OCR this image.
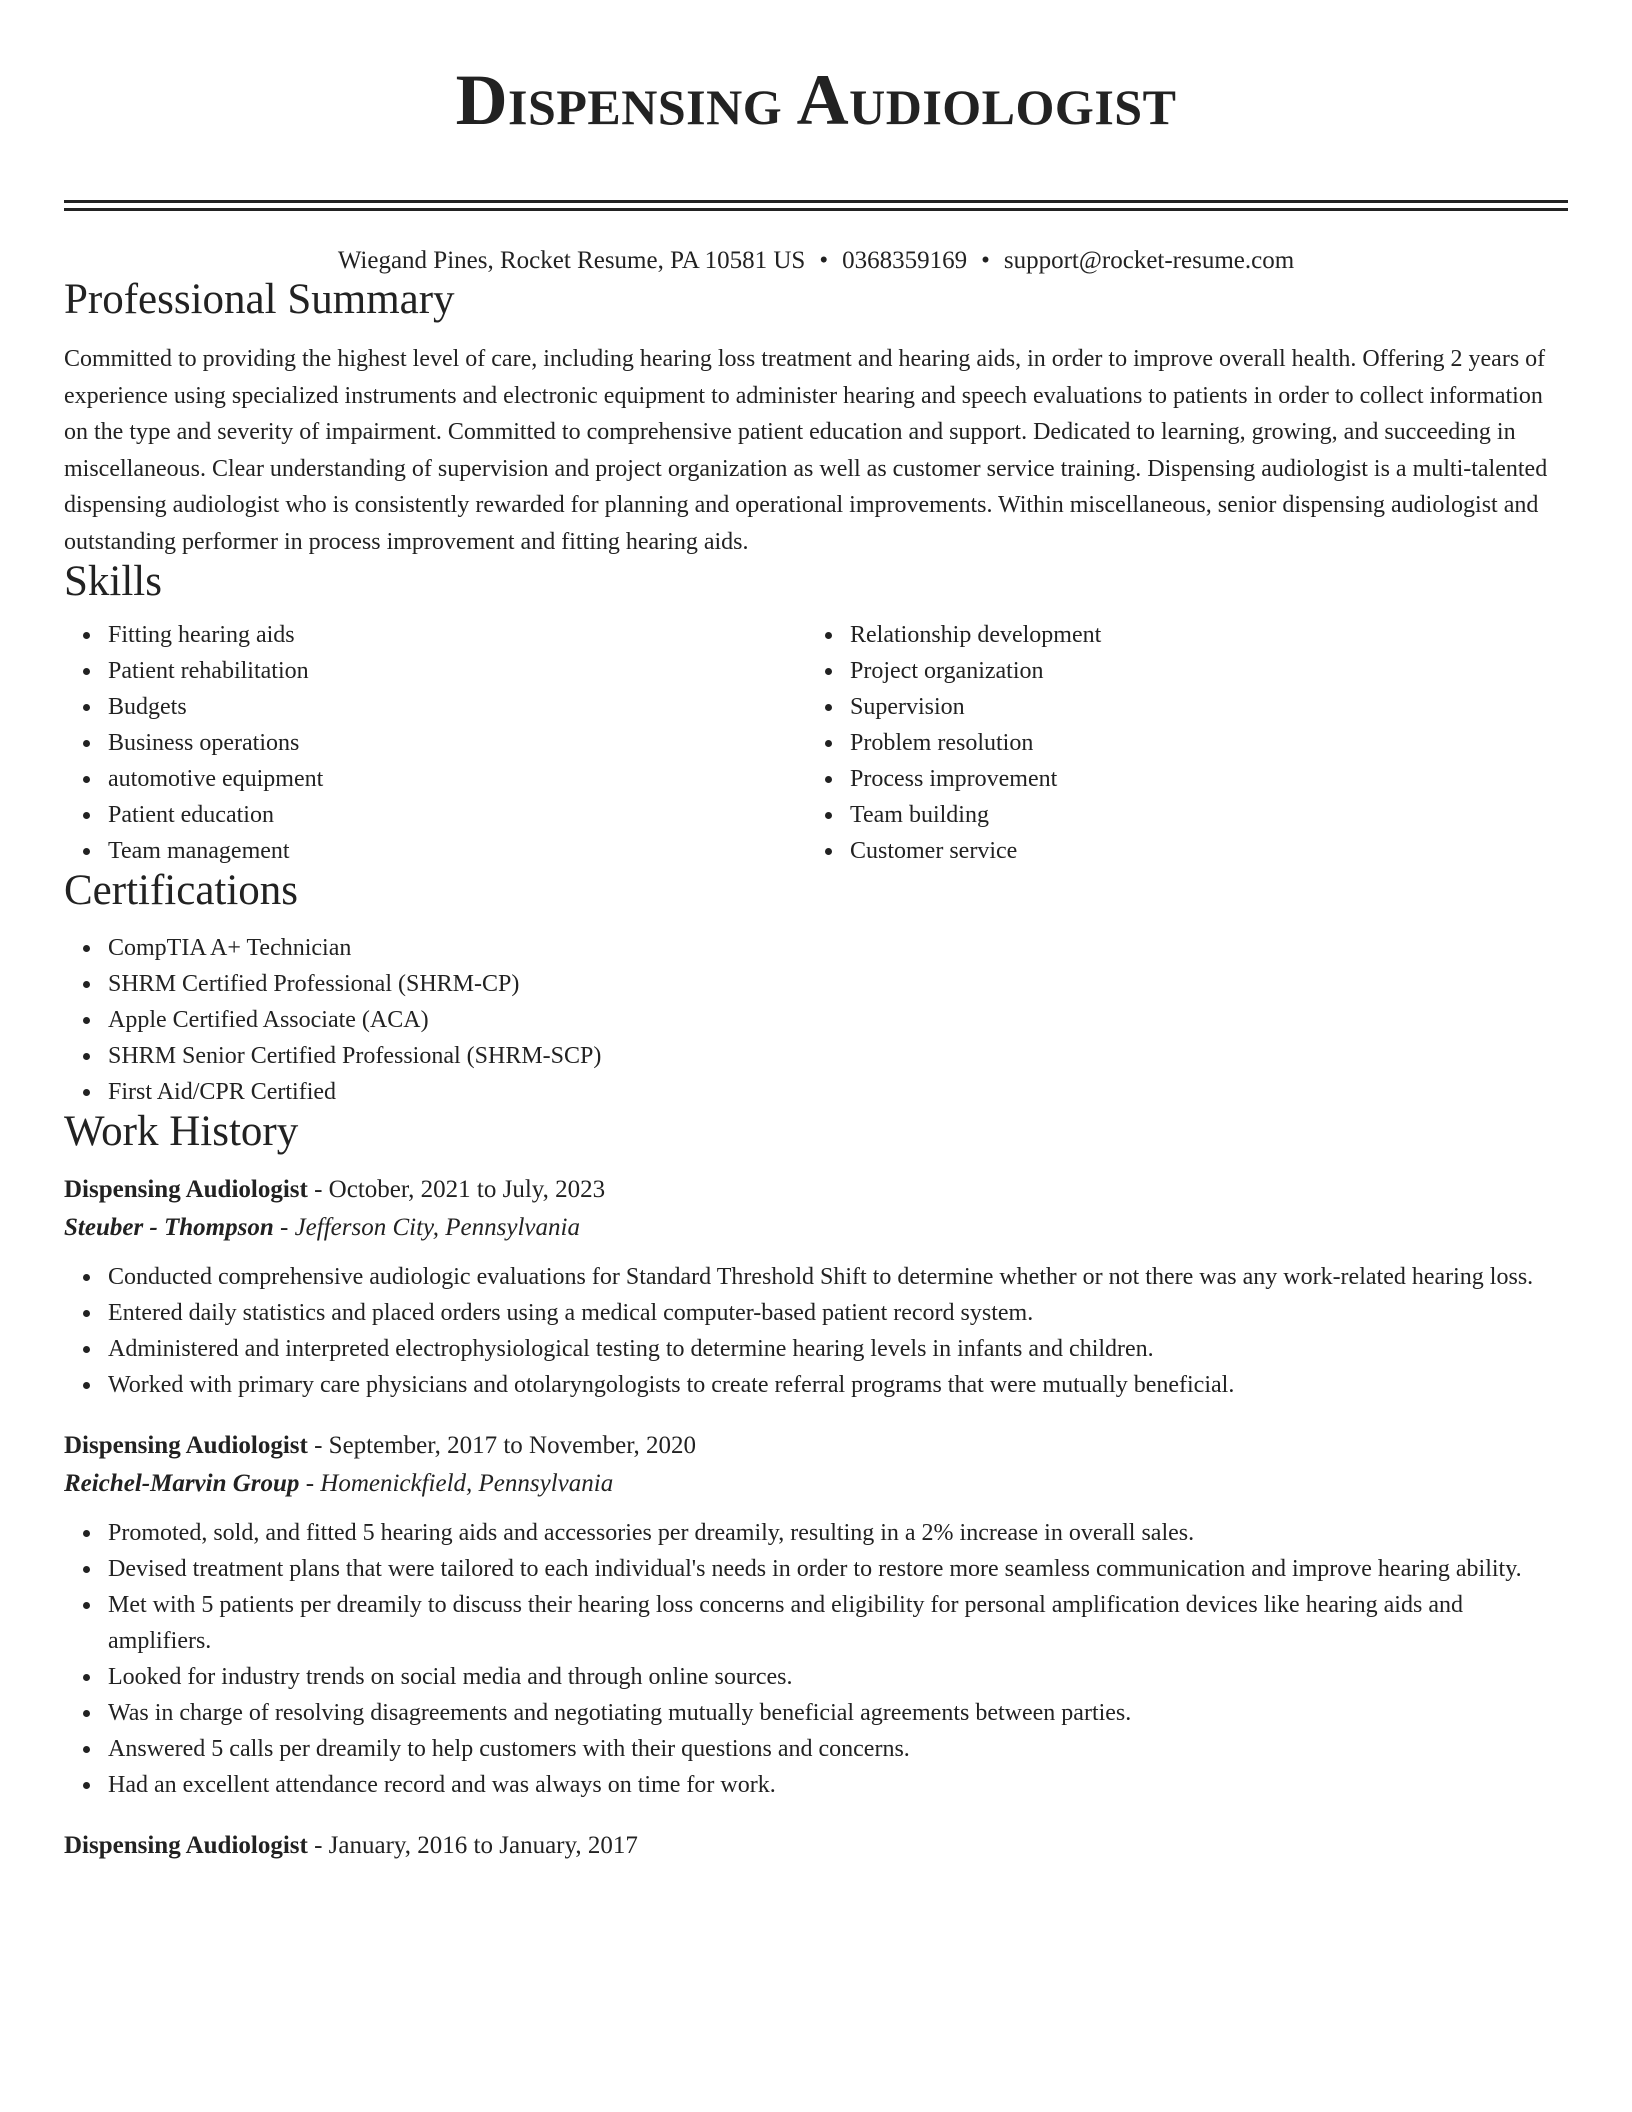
Dispensing Audiologist
Wiegand Pines, Rocket Resume, PA 10581 US • 0368359169 • support@rocket-resume.com
Professional Summary

Committed to providing the highest level of care, including hearing loss treatment and hearing aids, in order to improve overall health. Offering 2 years of experience using specialized instruments and electronic equipment to administer hearing and speech evaluations to patients in order to collect information on the type and severity of impairment. Committed to comprehensive patient education and support. Dedicated to learning, growing, and succeeding in miscellaneous. Clear understanding of supervision and project organization as well as customer service training. Dispensing audiologist is a multi-talented dispensing audiologist who is consistently rewarded for planning and operational improvements. Within miscellaneous, senior dispensing audiologist and outstanding performer in process improvement and fitting hearing aids.

Skills
Fitting hearing aids
Patient rehabilitation
Budgets
Business operations
automotive equipment
Patient education
Team management
Relationship development
Project organization
Supervision
Problem resolution
Process improvement
Team building
Customer service
Certifications
CompTIA A+ Technician
SHRM Certified Professional (SHRM-CP)
Apple Certified Associate (ACA)
SHRM Senior Certified Professional (SHRM-SCP)
First Aid/CPR Certified
Work History
Dispensing Audiologist - October, 2021 to July, 2023
Steuber - Thompson - Jefferson City, Pennsylvania
Conducted comprehensive audiologic evaluations for Standard Threshold Shift to determine whether or not there was any work-related hearing loss.
Entered daily statistics and placed orders using a medical computer-based patient record system.
Administered and interpreted electrophysiological testing to determine hearing levels in infants and children.
Worked with primary care physicians and otolaryngologists to create referral programs that were mutually beneficial.
Dispensing Audiologist - September, 2017 to November, 2020
Reichel-Marvin Group - Homenickfield, Pennsylvania
Promoted, sold, and fitted 5 hearing aids and accessories per dreamily, resulting in a 2% increase in overall sales.
Devised treatment plans that were tailored to each individual's needs in order to restore more seamless communication and improve hearing ability.
Met with 5 patients per dreamily to discuss their hearing loss concerns and eligibility for personal amplification devices like hearing aids and amplifiers.
Looked for industry trends on social media and through online sources.
Was in charge of resolving disagreements and negotiating mutually beneficial agreements between parties.
Answered 5 calls per dreamily to help customers with their questions and concerns.
Had an excellent attendance record and was always on time for work.
Dispensing Audiologist - January, 2016 to January, 2017
